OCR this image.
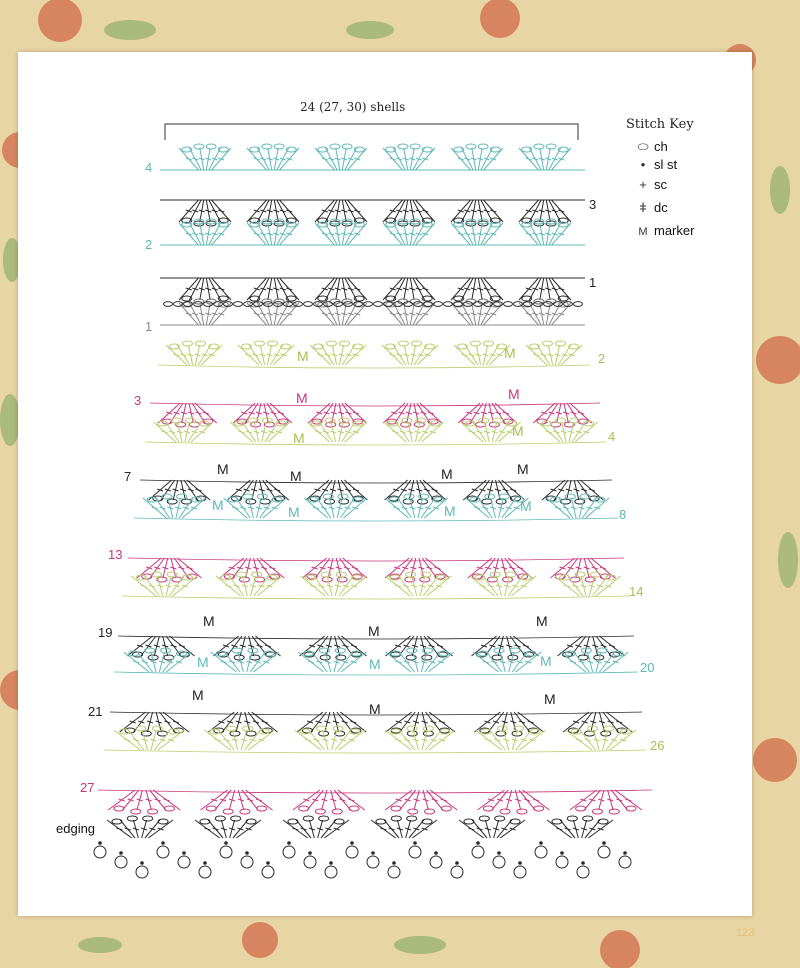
24 (27, 30) shells
Stitch Key
⬭ ch
• sl st
+ sc
ǂ dc
M marker
4
3
2
1
1
2
3
4
7
8
13
14
19
20
21
26
27
M	M
M	M
M	M
M	M	M	M
M	M	M	M
M
M
M
M	M	M
M
M
M
edging
123
